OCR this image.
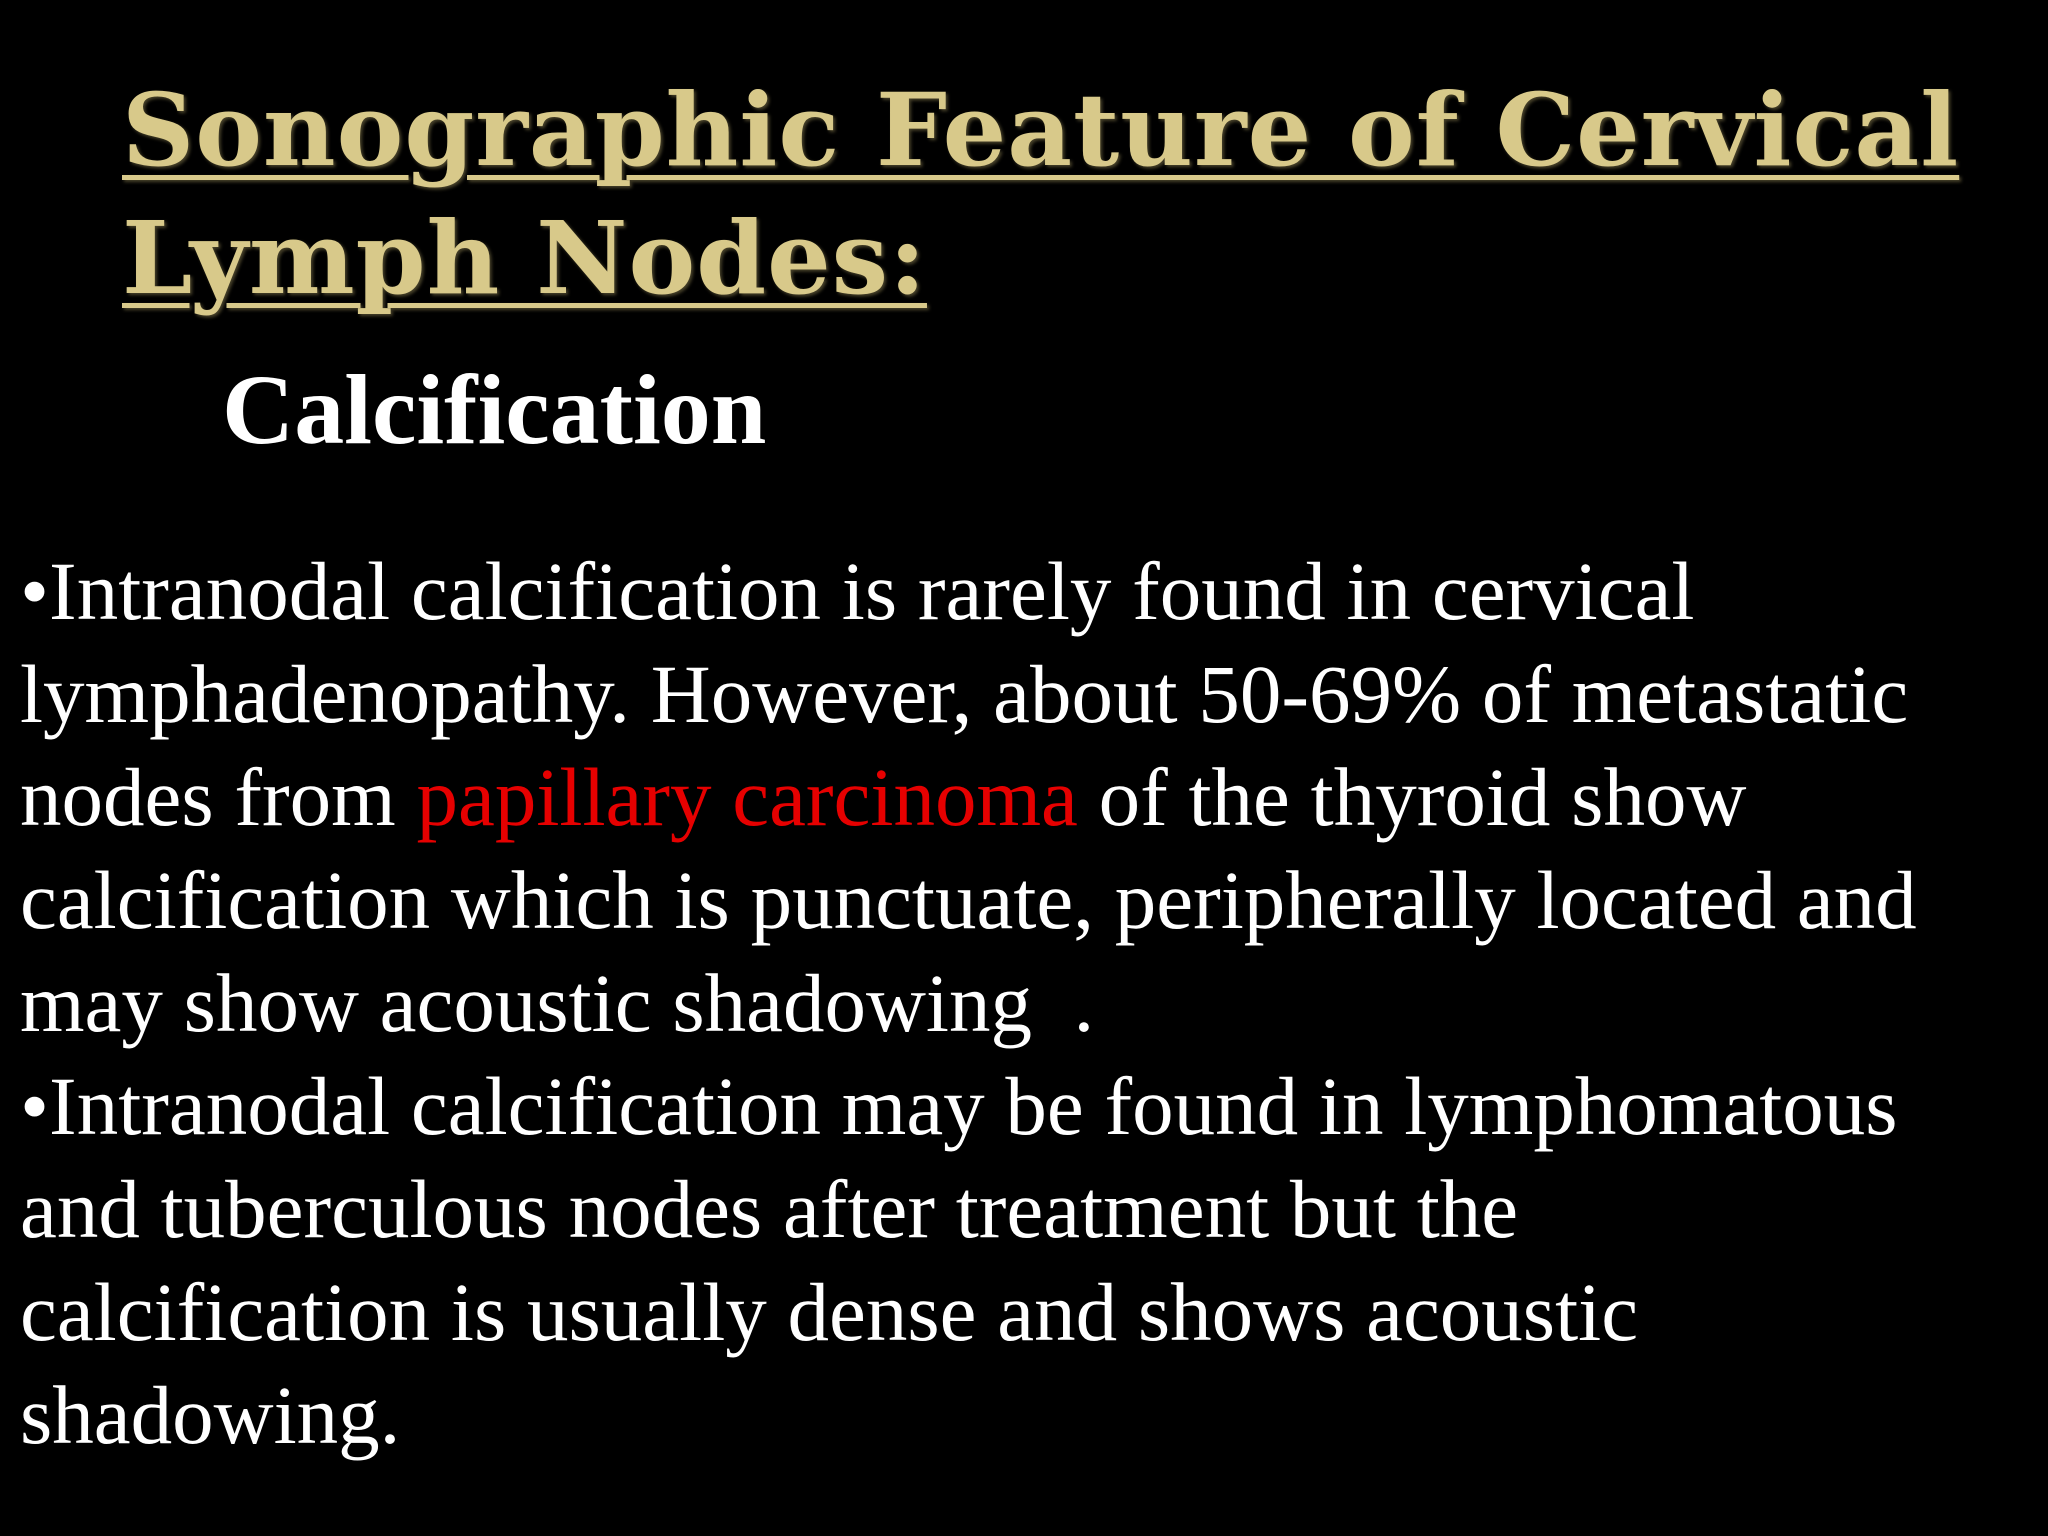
Sonographic Feature of Cervical
Lymph Nodes:
Calcification

•Intranodal calcification is rarely found in cervical
lymphadenopathy. However, about 50-69% of metastatic
nodes from papillary carcinoma of the thyroid show
calcification which is punctuate, peripherally located and
may show acoustic shadowing  .

•Intranodal calcification may be found in lymphomatous
and tuberculous nodes after treatment but the
calcification is usually dense and shows acoustic
shadowing.
